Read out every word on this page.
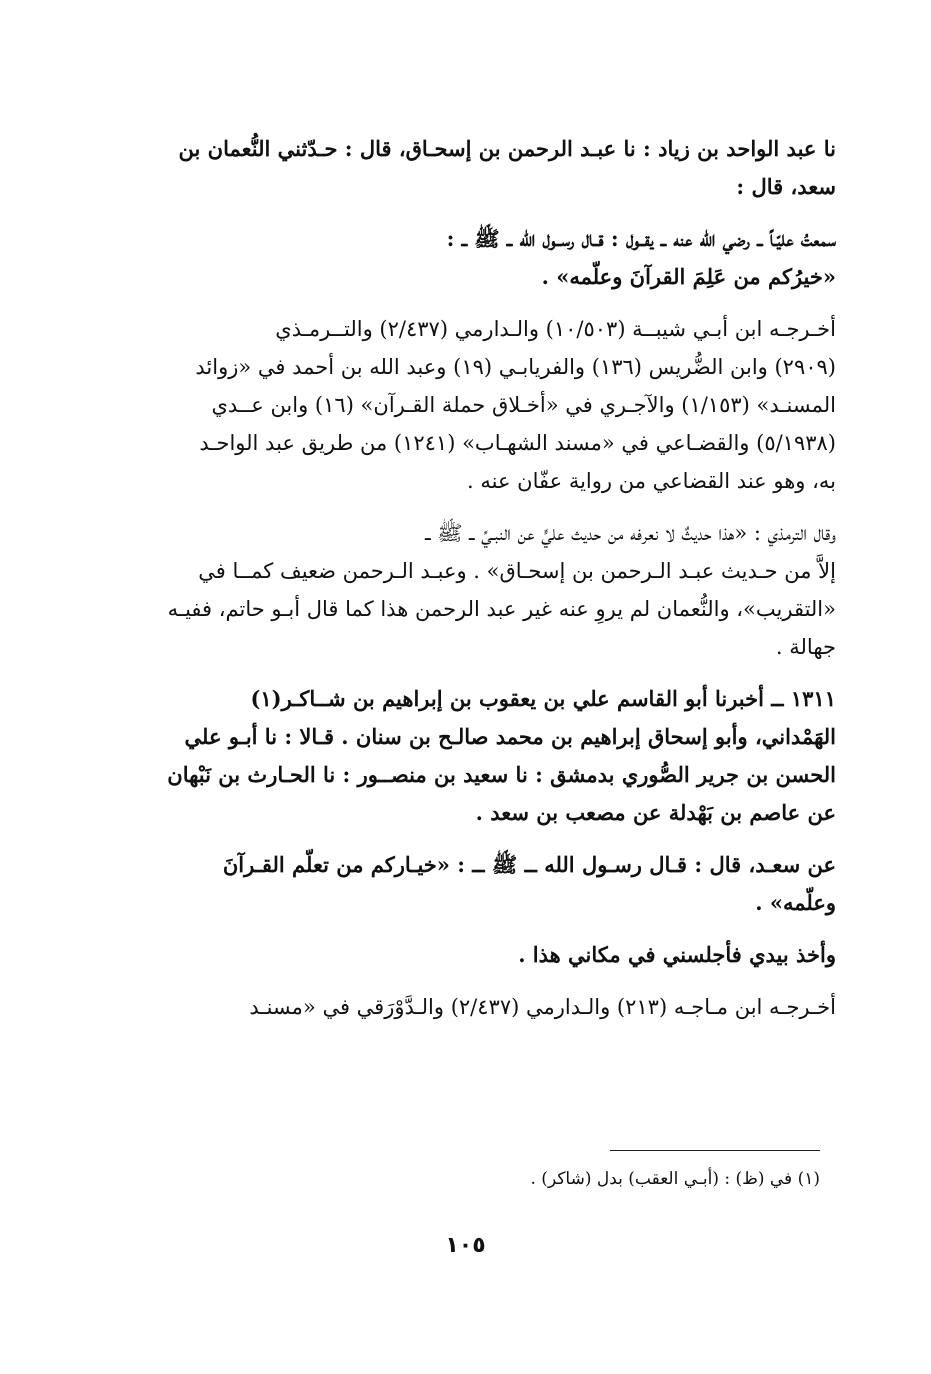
نا عبد الواحد بن زياد : نا عبـد الرحمن بن إسحـاق، قال : حـدّثني النُّعمان بن

سعد، قال :

سمعتُ عليّـاً ــ رضي الله عنه ــ يقــول : قــال رســول الله ــ ﷺ ــ :

«خيرُكم من عَلِمَ القرآنَ وعلّمه» .

أخـرجـه ابن أبـي شيبــة (١٠/٥٠٣) والـدارمي (٢/٤٣٧) والتــرمـذي

(٢٩٠٩) وابن الضُّريس (١٣٦) والفريابـي (١٩) وعبد الله بن أحمد في «زوائد

المسنـد» (١/١٥٣) والآجـري في «أخـلاق حملة القـرآن» (١٦) وابن عــدي

(٥/١٩٣٨) والقضـاعي في «مسند الشهـاب» (١٢٤١) من طريق عبد الواحـد

به، وهو عند القضاعي من رواية عفّان عنه .

وقال الترمذي : «هذا حديثٌ لا نعرفه من حديث عليٍّ عن النبـيِّ ــ ﷺ ــ

إلاَّ من حـديث عبـد الـرحمن بن إسحـاق» . وعبـد الـرحمن ضعيف كمــا في

«التقريب»، والنُّعمان لم يروِ عنه غير عبد الرحمن هذا كما قال أبـو حاتم، ففيـه

جهالة .

١٣١١ ــ أخبرنا أبو القاسم علي بن يعقوب بن إبراهيم بن شــاكـر(١)

الهَمْداني، وأبو إسحاق إبراهيم بن محمد صالـح بن سنان . قـالا : نا أبـو علي

الحسن بن جرير الصُّوري بدمشق : نا سعيد بن منصــور : نا الحـارث بن نَبْهان

عن عاصم بن بَهْدلة عن مصعب بن سعد .

عن سعـد، قال : قـال رسـول الله ــ ﷺ ــ : «خيـاركم من تعلّم القـرآنَ

وعلّمه» .

وأخذ بيدي فأجلسني في مكاني هذا .

أخـرجـه ابن مـاجـه (٢١٣) والـدارمي (٢/٤٣٧) والـدَّوْرَقي في «مسنـد

(١) في (ظ) : (أبـي العقب) بدل (شاكر) .
١٠٥
